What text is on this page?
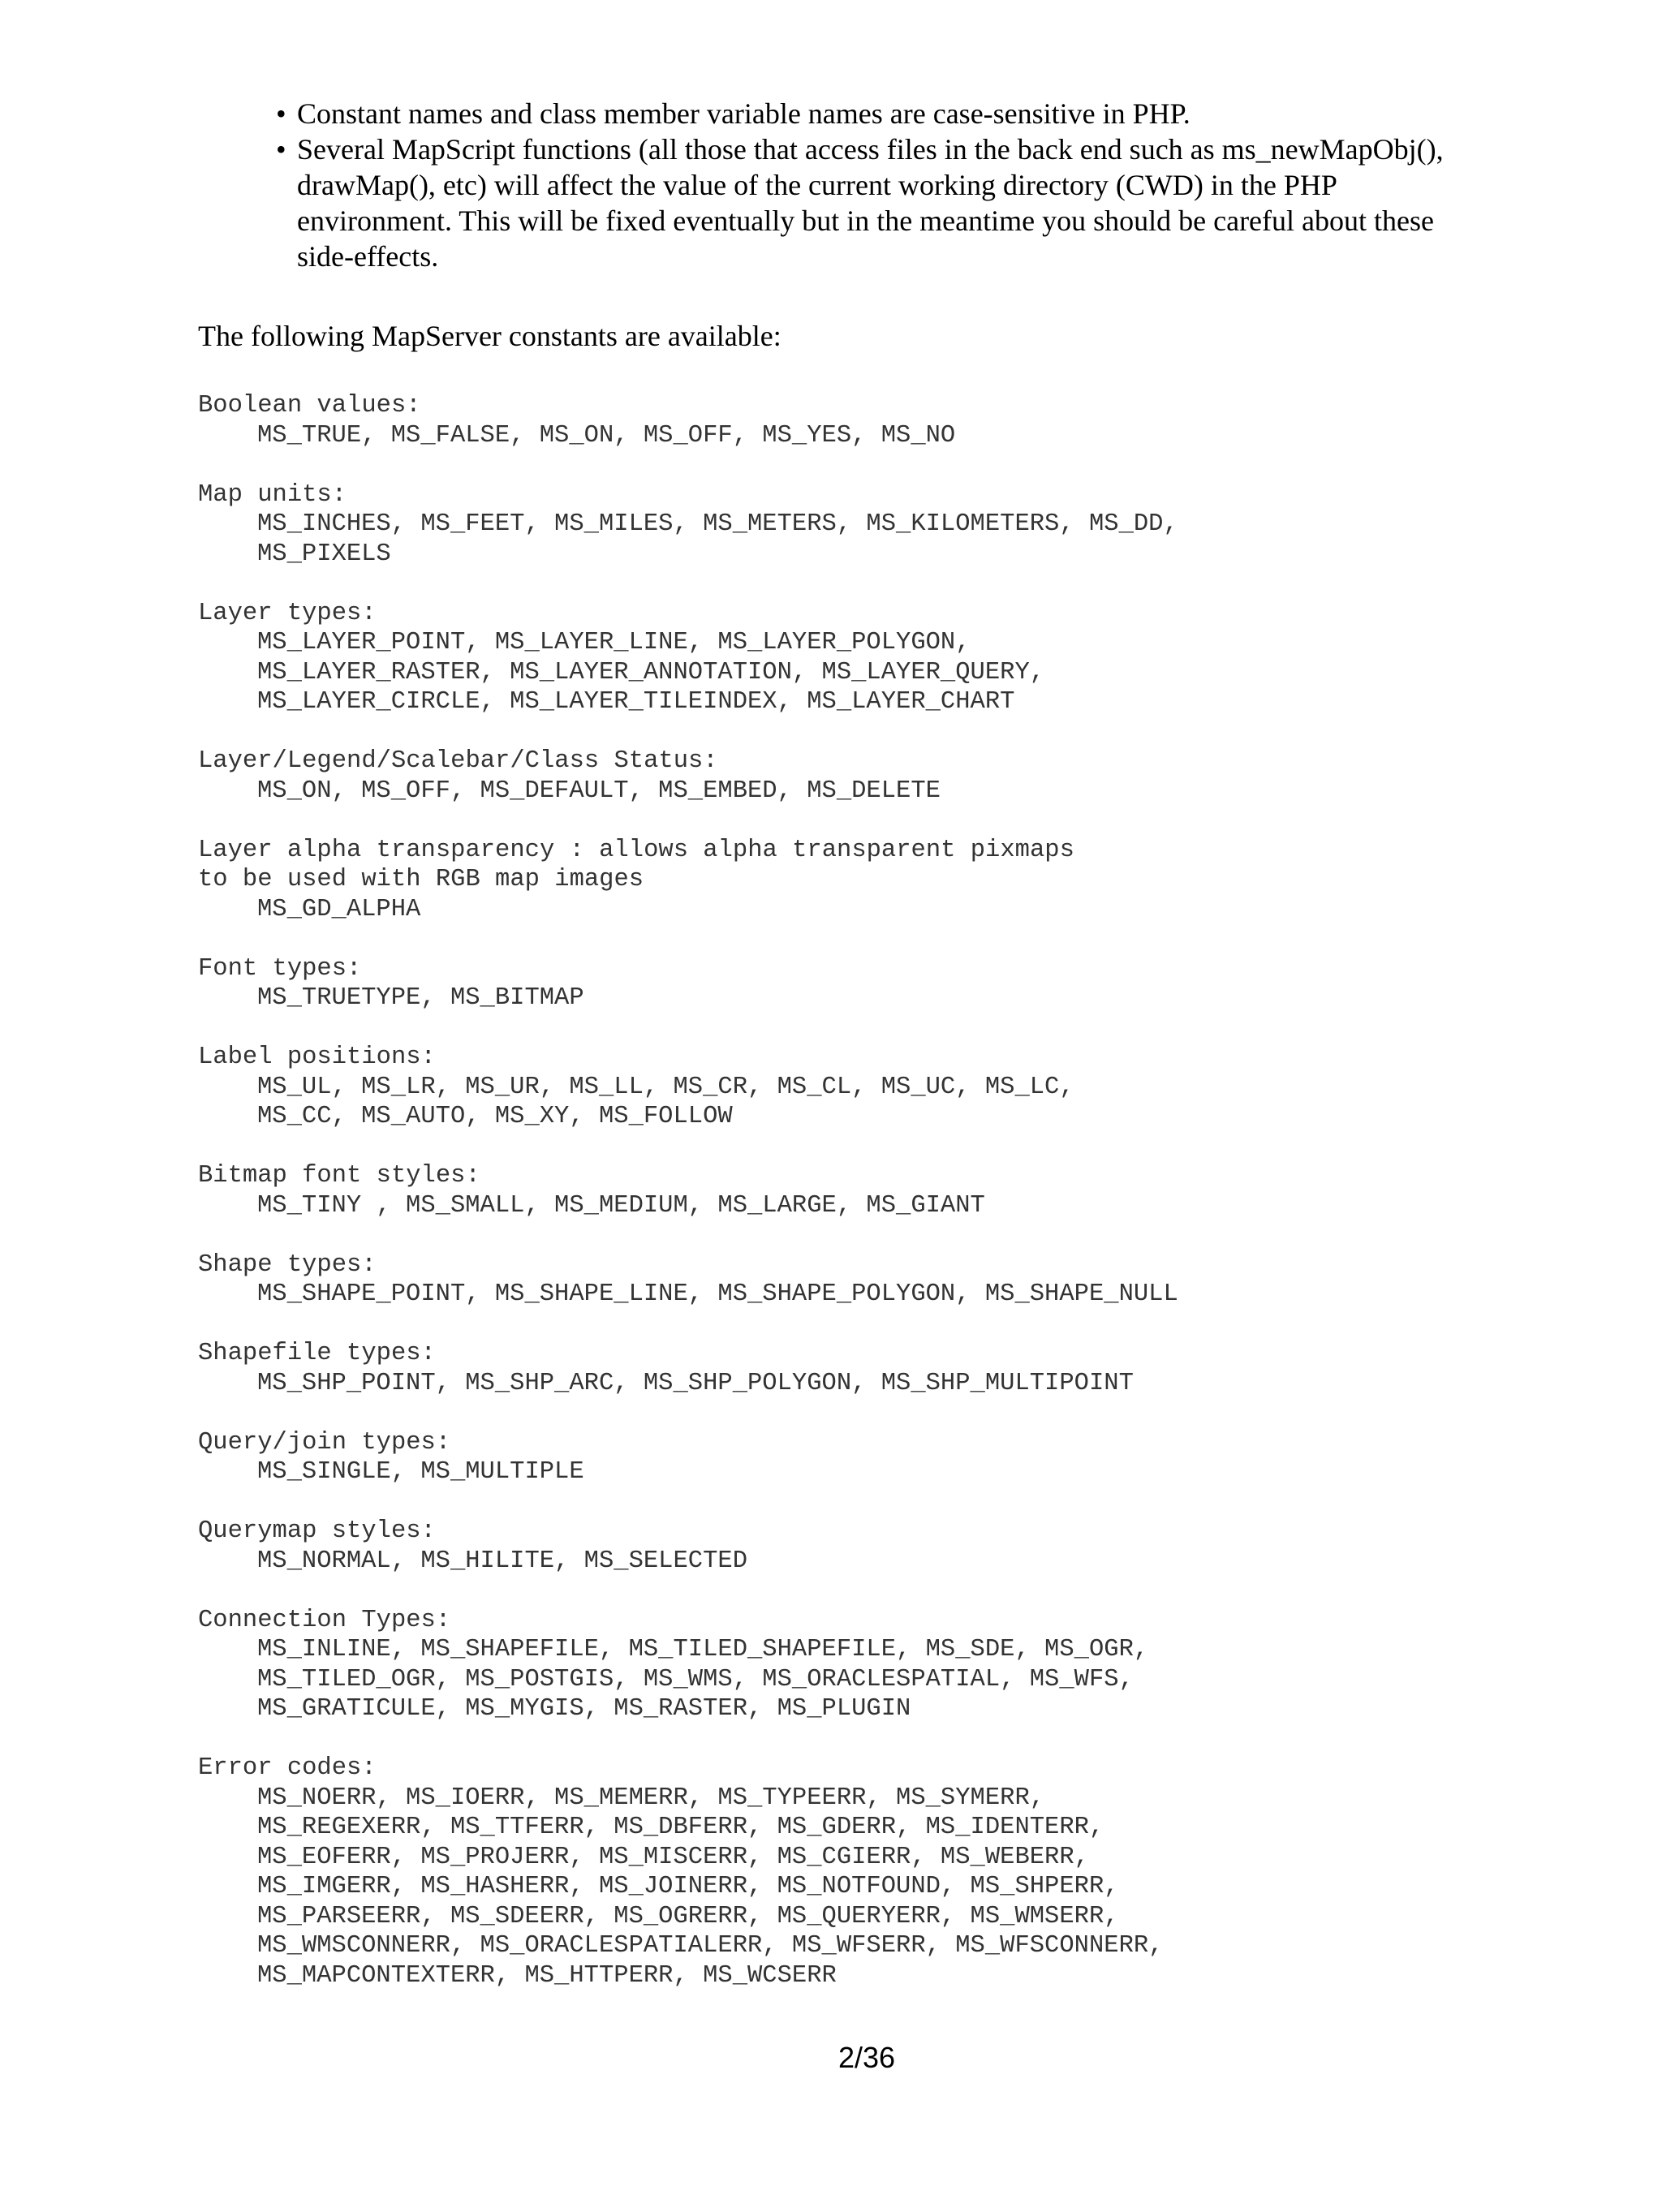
• Constant names and class member variable names are case-sensitive in PHP.
• Several MapScript functions (all those that access files in the back end such as ms_newMapObj(),
drawMap(), etc) will affect the value of the current working directory (CWD) in the PHP
environment. This will be fixed eventually but in the meantime you should be careful about these
side-effects.

The following MapServer constants are available:

Boolean values:
MS_TRUE, MS_FALSE, MS_ON, MS_OFF, MS_YES, MS_NO
Map units:
MS_INCHES, MS_FEET, MS_MILES, MS_METERS, MS_KILOMETERS, MS_DD,
MS_PIXELS
Layer types:
MS_LAYER_POINT, MS_LAYER_LINE, MS_LAYER_POLYGON,
MS_LAYER_RASTER, MS_LAYER_ANNOTATION, MS_LAYER_QUERY,
MS_LAYER_CIRCLE, MS_LAYER_TILEINDEX, MS_LAYER_CHART
Layer/Legend/Scalebar/Class Status:
MS_ON, MS_OFF, MS_DEFAULT, MS_EMBED, MS_DELETE
Layer alpha transparency : allows alpha transparent pixmaps
to be used with RGB map images
MS_GD_ALPHA
Font types:
MS_TRUETYPE, MS_BITMAP
Label positions:
MS_UL, MS_LR, MS_UR, MS_LL, MS_CR, MS_CL, MS_UC, MS_LC,
MS_CC, MS_AUTO, MS_XY, MS_FOLLOW
Bitmap font styles:
MS_TINY , MS_SMALL, MS_MEDIUM, MS_LARGE, MS_GIANT
Shape types:
MS_SHAPE_POINT, MS_SHAPE_LINE, MS_SHAPE_POLYGON, MS_SHAPE_NULL
Shapefile types:
MS_SHP_POINT, MS_SHP_ARC, MS_SHP_POLYGON, MS_SHP_MULTIPOINT
Query/join types:
MS_SINGLE, MS_MULTIPLE
Querymap styles:
MS_NORMAL, MS_HILITE, MS_SELECTED
Connection Types:
MS_INLINE, MS_SHAPEFILE, MS_TILED_SHAPEFILE, MS_SDE, MS_OGR,
MS_TILED_OGR, MS_POSTGIS, MS_WMS, MS_ORACLESPATIAL, MS_WFS,
MS_GRATICULE, MS_MYGIS, MS_RASTER, MS_PLUGIN
Error codes:
MS_NOERR, MS_IOERR, MS_MEMERR, MS_TYPEERR, MS_SYMERR,
MS_REGEXERR, MS_TTFERR, MS_DBFERR, MS_GDERR, MS_IDENTERR,
MS_EOFERR, MS_PROJERR, MS_MISCERR, MS_CGIERR, MS_WEBERR,
MS_IMGERR, MS_HASHERR, MS_JOINERR, MS_NOTFOUND, MS_SHPERR,
MS_PARSEERR, MS_SDEERR, MS_OGRERR, MS_QUERYERR, MS_WMSERR,
MS_WMSCONNERR, MS_ORACLESPATIALERR, MS_WFSERR, MS_WFSCONNERR,
MS_MAPCONTEXTERR, MS_HTTPERR, MS_WCSERR
2/36
